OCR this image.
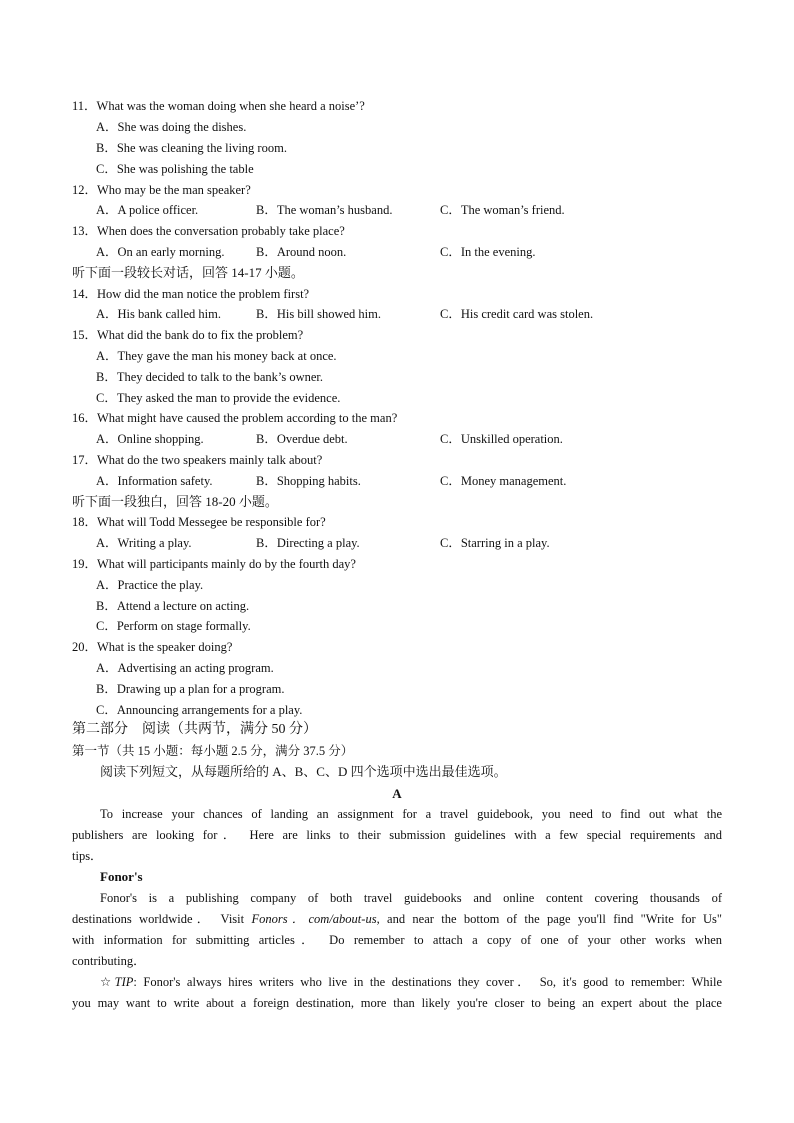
11．What was the woman doing when she heard a noise’?
A．She was doing the dishes.
B．She was cleaning the living room.
C．She was polishing the table
12．Who may be the man speaker?
A．A police officer.	B．The woman’s husband.	C．The woman’s friend.
13．When does the conversation probably take place?
A．On an early morning.	B．Around noon.	C．In the evening.
听下面一段较长对话，回答 14-17 小题。
14．How did the man notice the problem first?
A．His bank called him.	B．His bill showed him.	C．His credit card was stolen.
15．What did the bank do to fix the problem?
A．They gave the man his money back at once.
B．They decided to talk to the bank’s owner.
C．They asked the man to provide the evidence.
16．What might have caused the problem according to the man?
A．Online shopping.	B．Overdue debt.	C．Unskilled operation.
17．What do the two speakers mainly talk about?
A．Information safety.	B．Shopping habits.	C．Money management.
听下面一段独白，回答 18-20 小题。
18．What will Todd Messegee be responsible for?
A．Writing a play.	B．Directing a play.	C．Starring in a play.
19．What will participants mainly do by the fourth day?
A．Practice the play.
B．Attend a lecture on acting.
C．Perform on stage formally.
20．What is the speaker doing?
A．Advertising an acting program.
B．Drawing up a plan for a program.
C．Announcing arrangements for a play.
第二部分　阅读（共两节，满分 50 分）
第一节（共 15 小题：每小题 2.5 分，满分 37.5 分）
阅读下列短文，从每题所给的 A、B、C、D 四个选项中选出最佳选项。
A
To increase your chances of landing an assignment for a travel guidebook, you need to find out what the
publishers are looking for． Here are links to their submission guidelines with a few special requirements and
tips．
Fonor's
Fonor's is a publishing company of both travel guidebooks and online content covering thousands of
destinations worldwide． Visit Fonors．com/about-us, and near the bottom of the page you'll find "Write for Us"
with information for submitting articles． Do remember to attach a copy of one of your other works when
contributing．
☆TIP: Fonor's always hires writers who live in the destinations they cover． So, it's good to remember: While
you may want to write about a foreign destination, more than likely you're closer to being an expert about the place
